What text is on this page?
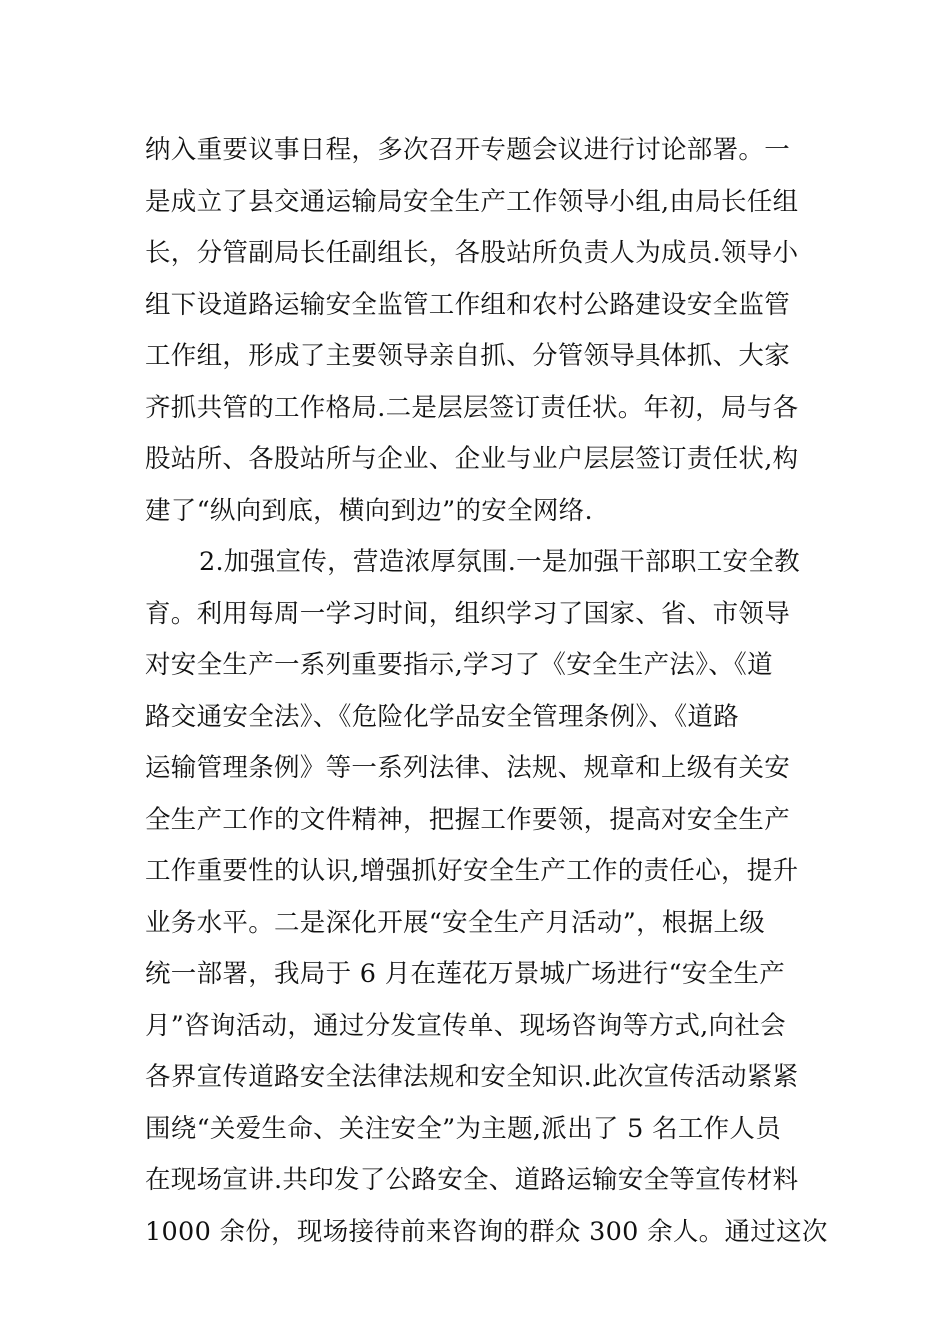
纳入重要议事日程，多次召开专题会议进行讨论部署。一
是成立了县交通运输局安全生产工作领导小组,由局长任组
长，分管副局长任副组长，各股站所负责人为成员.领导小
组下设道路运输安全监管工作组和农村公路建设安全监管
工作组，形成了主要领导亲自抓、分管领导具体抓、大家
齐抓共管的工作格局.二是层层签订责任状。年初，局与各
股站所、各股站所与企业、企业与业户层层签订责任状,构
建了“纵向到底，横向到边”的安全网络.
2.加强宣传，营造浓厚氛围.一是加强干部职工安全教
育。利用每周一学习时间，组织学习了国家、省、市领导
对安全生产一系列重要指示,学习了《安全生产法》、《道
路交通安全法》、《危险化学品安全管理条例》、《道路
运输管理条例》等一系列法律、法规、规章和上级有关安
全生产工作的文件精神，把握工作要领，提高对安全生产
工作重要性的认识,增强抓好安全生产工作的责任心，提升
业务水平。二是深化开展“安全生产月活动”，根据上级
统一部署，我局于 6 月在莲花万景城广场进行“安全生产
月”咨询活动，通过分发宣传单、现场咨询等方式,向社会
各界宣传道路安全法律法规和安全知识.此次宣传活动紧紧
围绕“关爱生命、关注安全”为主题,派出了 5 名工作人员
在现场宣讲.共印发了公路安全、道路运输安全等宣传材料
1000 余份，现场接待前来咨询的群众 300 余人。通过这次
